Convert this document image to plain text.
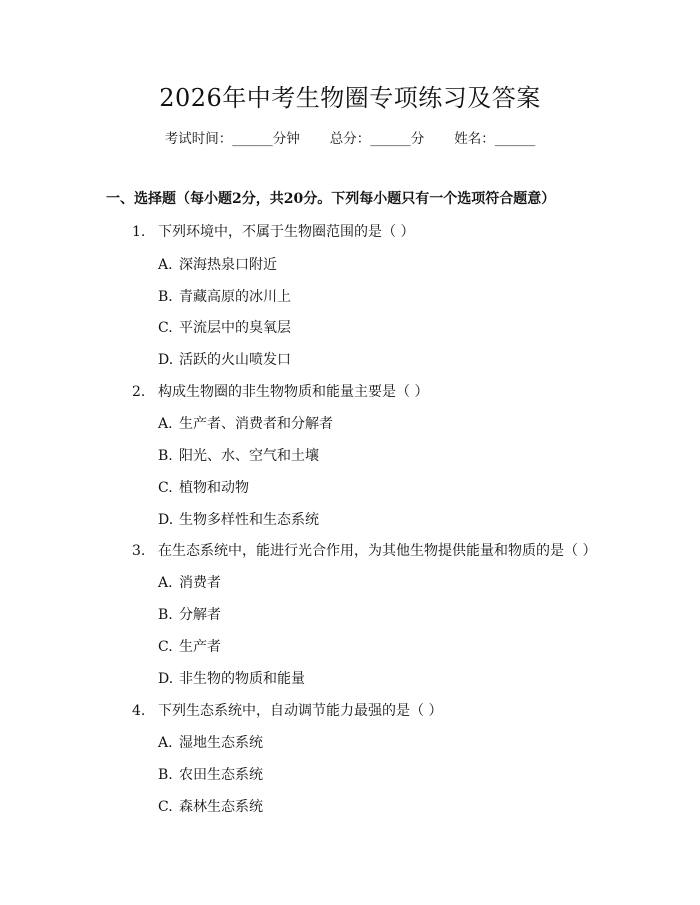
2026年中考生物圈专项练习及答案
考试时间：______分钟 总分：______分 姓名：______
一、选择题（每小题2分，共20分。下列每小题只有一个选项符合题意）
1. 下列环境中，不属于生物圈范围的是（ ）
A. 深海热泉口附近
B. 青藏高原的冰川上
C. 平流层中的臭氧层
D. 活跃的火山喷发口
2. 构成生物圈的非生物物质和能量主要是（ ）
A. 生产者、消费者和分解者
B. 阳光、水、空气和土壤
C. 植物和动物
D. 生物多样性和生态系统
3. 在生态系统中，能进行光合作用，为其他生物提供能量和物质的是（ ）
A. 消费者
B. 分解者
C. 生产者
D. 非生物的物质和能量
4. 下列生态系统中，自动调节能力最强的是（ ）
A. 湿地生态系统
B. 农田生态系统
C. 森林生态系统
